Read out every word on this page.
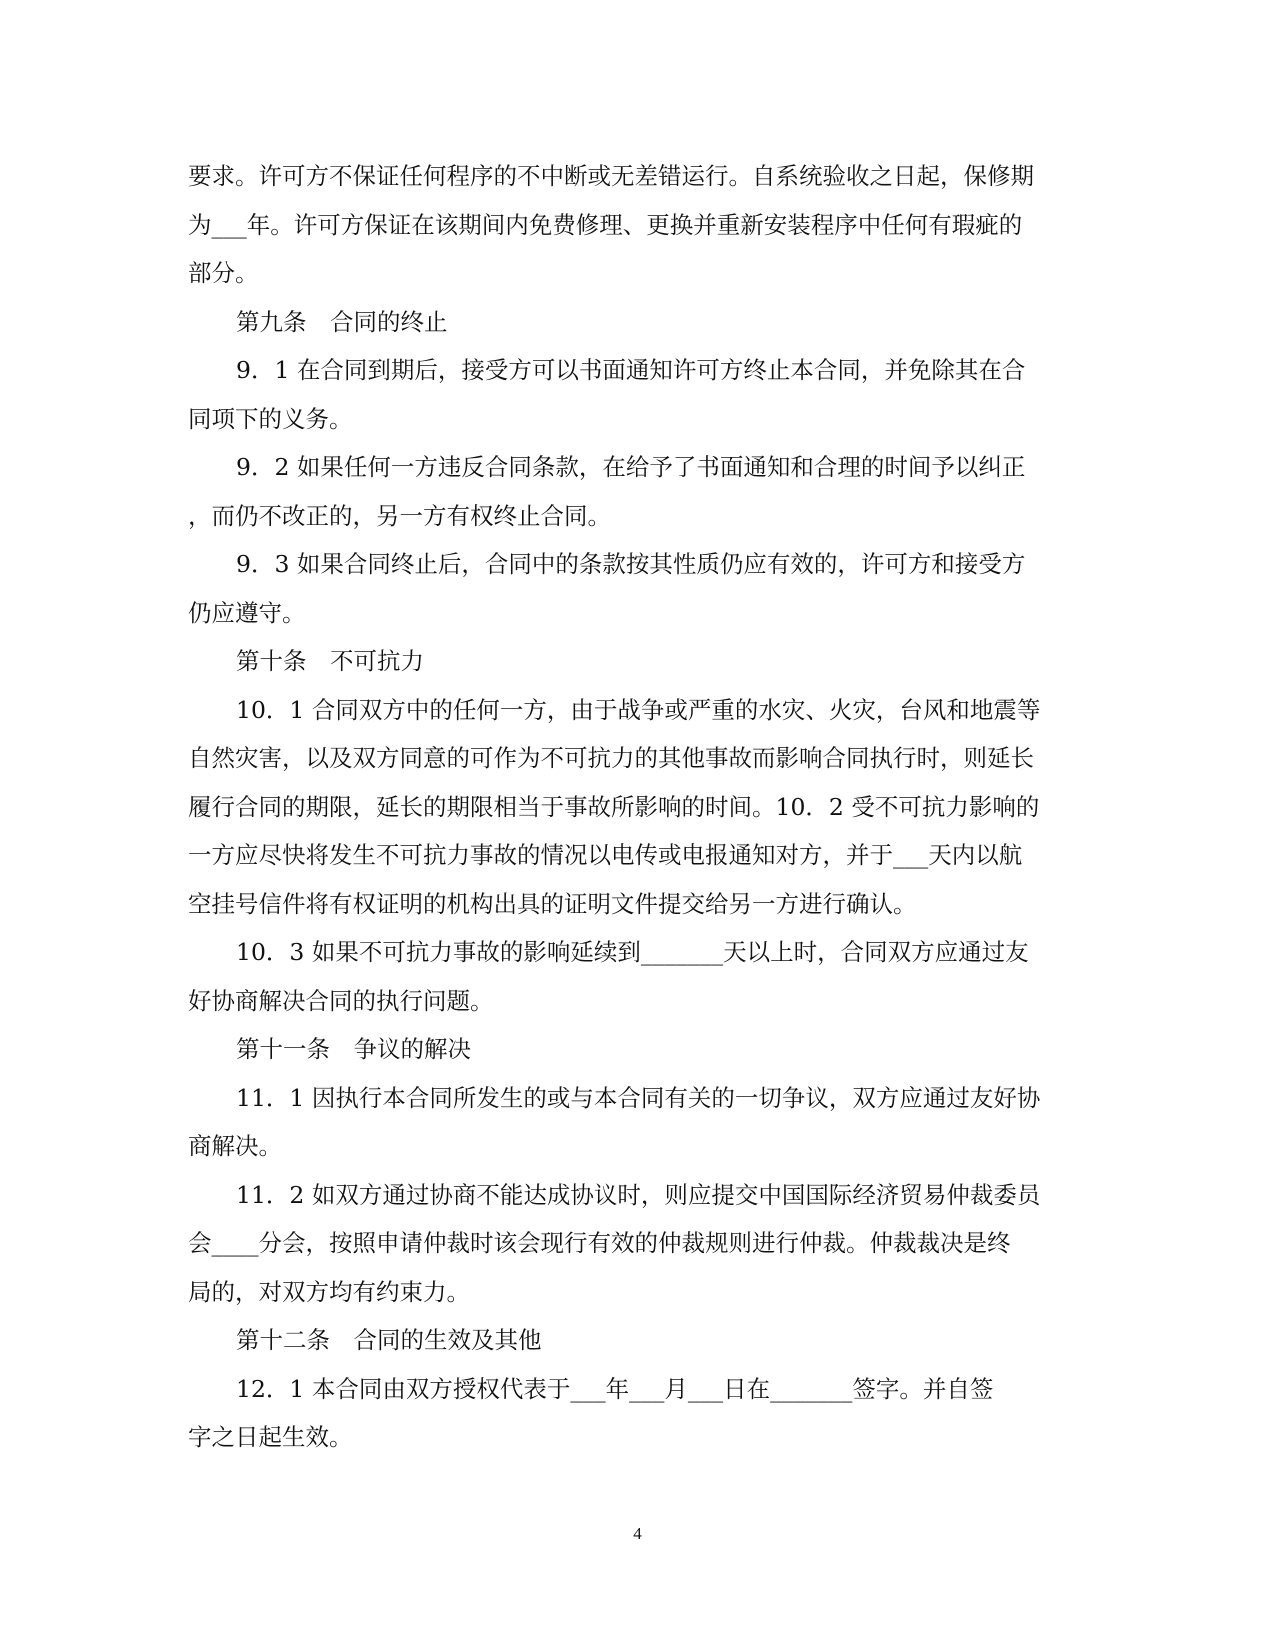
要求。许可方不保证任何程序的不中断或无差错运行。自系统验收之日起，保修期
为___年。许可方保证在该期间内免费修理、更换并重新安装程序中任何有瑕疵的
部分。
第九条　合同的终止
9．1 在合同到期后，接受方可以书面通知许可方终止本合同，并免除其在合
同项下的义务。
9．2 如果任何一方违反合同条款，在给予了书面通知和合理的时间予以纠正
，而仍不改正的，另一方有权终止合同。
9．3 如果合同终止后，合同中的条款按其性质仍应有效的，许可方和接受方
仍应遵守。
第十条　不可抗力
10．1 合同双方中的任何一方，由于战争或严重的水灾、火灾，台风和地震等
自然灾害，以及双方同意的可作为不可抗力的其他事故而影响合同执行时，则延长
履行合同的期限，延长的期限相当于事故所影响的时间。10．2 受不可抗力影响的
一方应尽快将发生不可抗力事故的情况以电传或电报通知对方，并于___天内以航
空挂号信件将有权证明的机构出具的证明文件提交给另一方进行确认。
10．3 如果不可抗力事故的影响延续到_______天以上时，合同双方应通过友
好协商解决合同的执行问题。
第十一条　争议的解决
11．1 因执行本合同所发生的或与本合同有关的一切争议，双方应通过友好协
商解决。
11．2 如双方通过协商不能达成协议时，则应提交中国国际经济贸易仲裁委员
会____分会，按照申请仲裁时该会现行有效的仲裁规则进行仲裁。仲裁裁决是终
局的，对双方均有约束力。
第十二条　合同的生效及其他
12．1 本合同由双方授权代表于___年___月___日在_______签字。并自签
字之日起生效。
4
